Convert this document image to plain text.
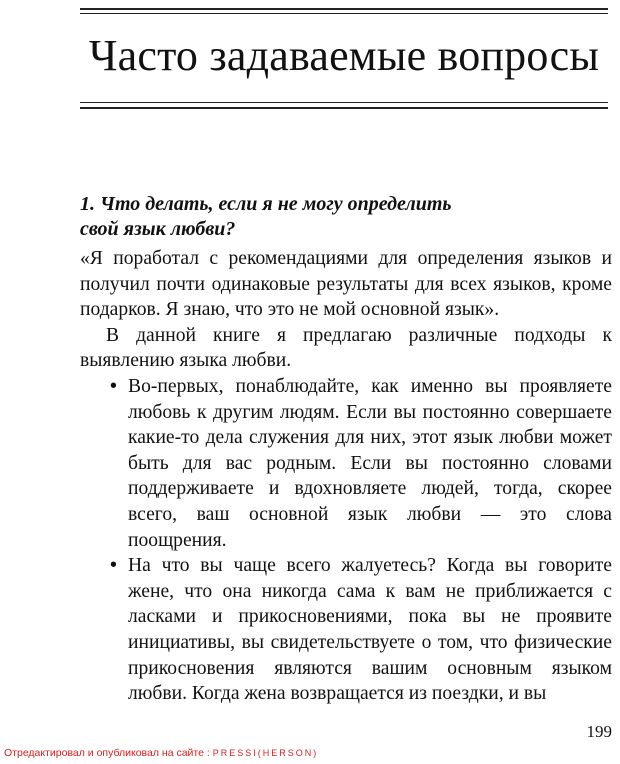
Часто задаваемые вопросы
1. Что делать, если я не могу определить
свой язык любви?

«Я поработал с рекомендациями для определения языков и получил почти одинаковые результаты для всех языков, кроме подарков. Я знаю, что это не мой основной язык».

В данной книге я предлагаю различные подходы к выявлению языка любви.

• Во-первых, понаблюдайте, как именно вы проявляете любовь к другим людям. Если вы постоянно совершаете какие-то дела служения для них, этот язык любви может быть для вас родным. Если вы постоянно словами поддерживаете и вдохновляете людей, тогда, скорее всего, ваш основной язык любви — это слова поощрения.
• На что вы чаще всего жалуетесь? Когда вы говорите жене, что она никогда сама к вам не приближается с ласками и прикосновениями, пока вы не проявите инициативы, вы свидетельствуете о том, что физические прикосновения являются вашим основным языком любви. Когда жена возвращается из поездки, и вы
199
Отредактировал и опубликовал на сайте : PRESSI(HERSON)
